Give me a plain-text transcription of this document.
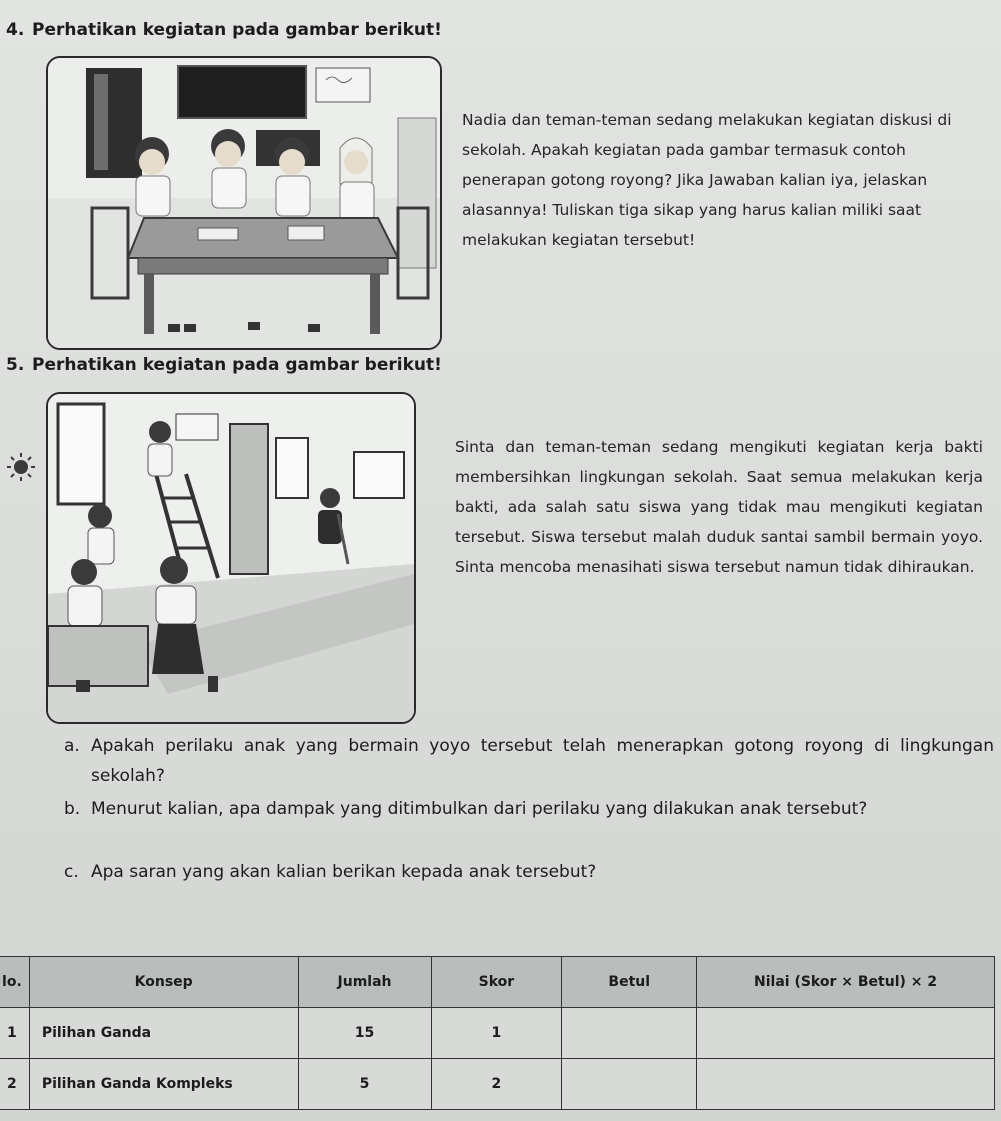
4. Perhatikan kegiatan pada gambar berikut!
Nadia dan teman-teman sedang melakukan kegiatan diskusi di sekolah. Apakah kegiatan pada gambar termasuk contoh penerapan gotong royong? Jika Jawaban kalian iya, jelaskan alasannya! Tuliskan tiga sikap yang harus kalian miliki saat melakukan kegiatan tersebut!
5. Perhatikan kegiatan pada gambar berikut!
Sinta dan teman-teman sedang mengikuti kegiatan kerja bakti membersihkan lingkungan sekolah. Saat semua melakukan kerja bakti, ada salah satu siswa yang tidak mau mengikuti kegiatan tersebut. Siswa tersebut malah duduk santai sambil bermain yoyo. Sinta mencoba menasihati siswa tersebut namun tidak dihiraukan.
a. Apakah perilaku anak yang bermain yoyo tersebut telah menerapkan gotong royong di lingkungan sekolah?
b. Menurut kalian, apa dampak yang ditimbulkan dari perilaku yang dilakukan anak tersebut?
c. Apa saran yang akan kalian berikan kepada anak tersebut?
lo.	Konsep	Jumlah	Skor	Betul	Nilai (Skor × Betul) × 2
1	Pilihan Ganda	15	1		
2	Pilihan Ganda Kompleks	5	2		
